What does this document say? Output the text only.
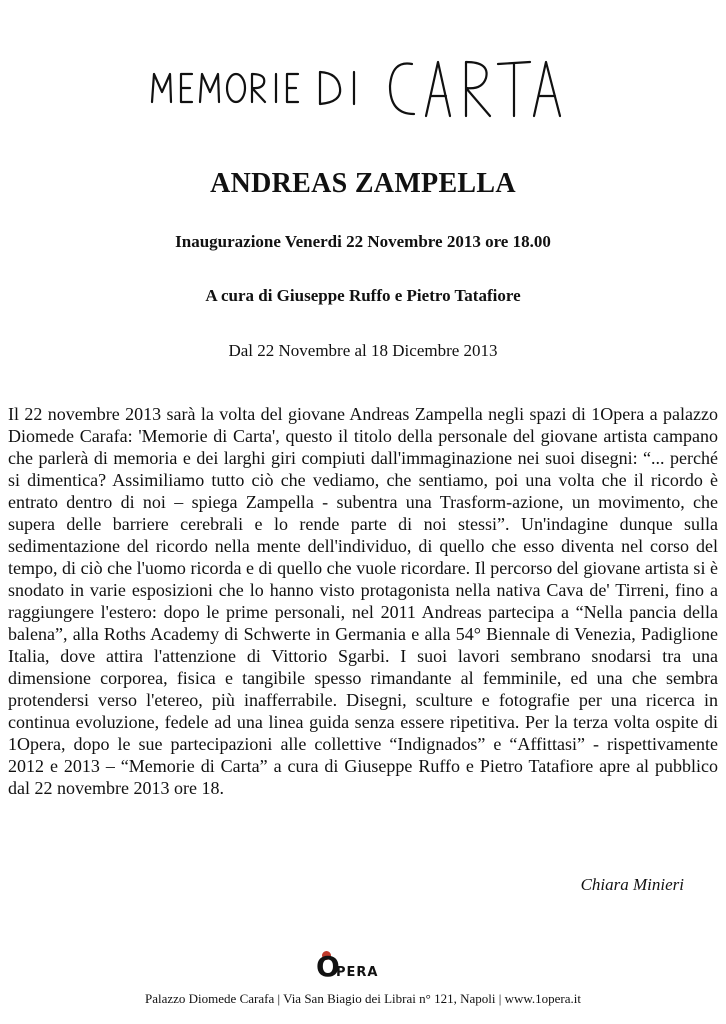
ANDREAS ZAMPELLA
Inaugurazione Venerdi 22 Novembre 2013 ore 18.00
A cura di Giuseppe Ruffo e Pietro Tatafiore
Dal 22 Novembre al 18 Dicembre 2013
Il 22 novembre 2013 sarà la volta del giovane Andreas Zampella negli spazi di 1Opera a palazzo Diomede Carafa: 'Memorie di Carta', questo il titolo della personale del giovane artista campano che parlerà di memoria e dei larghi giri compiuti dall'immaginazione nei suoi disegni: “... perché si dimentica? Assimiliamo tutto ciò che vediamo, che sentiamo, poi una volta che il ricordo è entrato dentro di noi – spiega Zampella - subentra una Trasform-azione, un movimento, che supera delle barriere cerebrali e lo rende parte di noi stessi”. Un'indagine dunque sulla sedimentazione del ricordo nella mente dell'individuo, di quello che esso diventa nel corso del tempo, di ciò che l'uomo ricorda e di quello che vuole ricordare. Il percorso del giovane artista si è snodato in varie esposizioni che lo hanno visto protagonista nella nativa Cava de' Tirreni, fino a raggiungere l'estero: dopo le prime personali, nel 2011 Andreas partecipa a “Nella pancia della balena”, alla Roths Academy di Schwerte in Germania e alla 54° Biennale di Venezia, Padiglione Italia, dove attira l'attenzione di Vittorio Sgarbi. I suoi lavori sembrano snodarsi tra una dimensione corporea, fisica e tangibile spesso rimandante al femminile, ed una che sembra protendersi verso l'etereo, più inafferrabile. Disegni, sculture e fotografie per una ricerca in continua evoluzione, fedele ad una linea guida senza essere ripetitiva. Per la terza volta ospite di 1Opera, dopo le sue partecipazioni alle collettive “Indignados” e “Affittasi” - rispettivamente 2012 e 2013 – “Memorie di Carta” a cura di Giuseppe Ruffo e Pietro Tatafiore apre al pubblico dal 22 novembre 2013 ore 18.
Chiara Minieri
O
PERA
Palazzo Diomede Carafa | Via San Biagio dei Librai n° 121, Napoli | www.1opera.it
